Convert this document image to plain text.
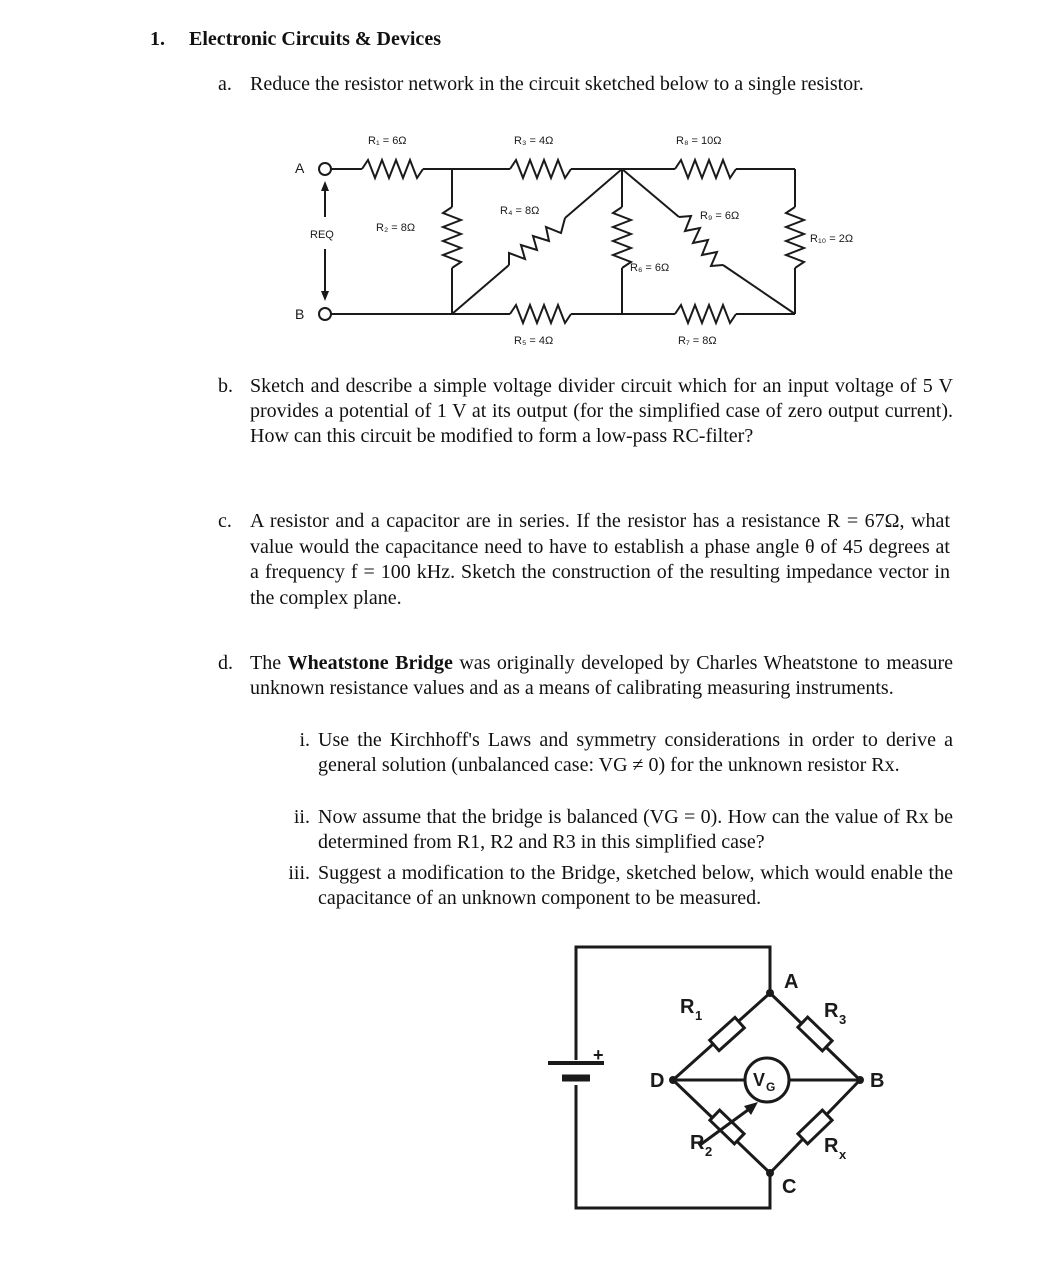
1. Electronic Circuits & Devices
a. Reduce the resistor network in the circuit sketched below to a single resistor.
A
B
REQ
R₁ = 6Ω
R₂ = 8Ω
R₃ = 4Ω
R₄ = 8Ω
R₅ = 4Ω
R₆ = 6Ω
R₇ = 8Ω
R₈ = 10Ω
R₉ = 6Ω
R₁₀ = 2Ω
b. Sketch and describe a simple voltage divider circuit which for an input voltage of 5 V provides a potential of 1 V at its output (for the simplified case of zero output current). How can this circuit be modified to form a low-pass RC-filter?
c. A resistor and a capacitor are in series. If the resistor has a resistance R = 67Ω, what value would the capacitance need to have to establish a phase angle θ of 45 degrees at a frequency f = 100 kHz. Sketch the construction of the resulting impedance vector in the complex plane.
d. The Wheatstone Bridge was originally developed by Charles Wheatstone to measure unknown resistance values and as a means of calibrating measuring instruments.
i. Use the Kirchhoff's Laws and symmetry considerations in order to derive a general solution (unbalanced case: VG ≠ 0) for the unknown resistor Rx.
ii. Now assume that the bridge is balanced (VG = 0). How can the value of Rx be determined from R1, R2 and R3 in this simplified case?
iii. Suggest a modification to the Bridge, sketched below, which would enable the capacitance of an unknown component to be measured.
+
A
B
C
D
R 1	R 3
R 2	R x
V G
